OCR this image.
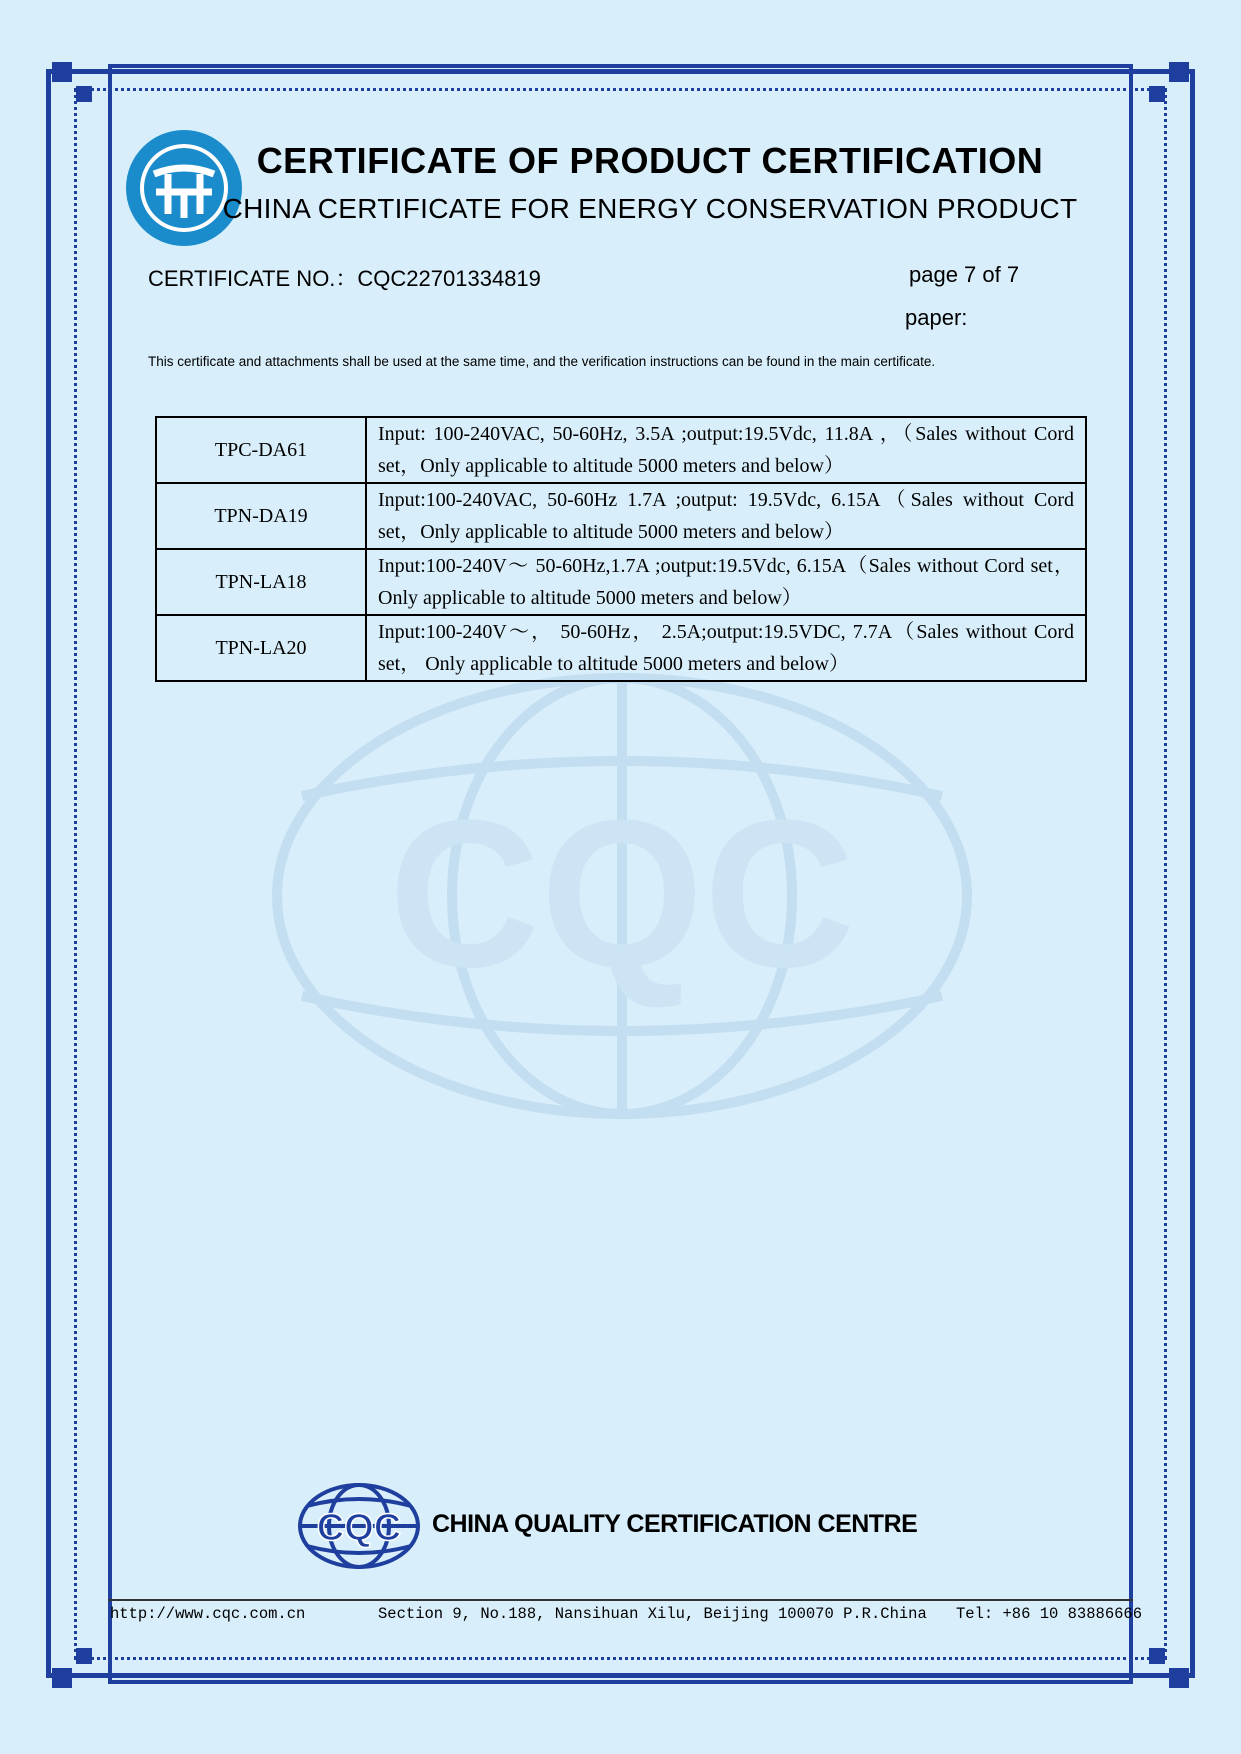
CQC
CERTIFICATE OF PRODUCT CERTIFICATION
CHINA CERTIFICATE FOR ENERGY CONSERVATION PRODUCT
CERTIFICATE NO.：CQC22701334819	page 7 of 7
paper:
This certificate and attachments shall be used at the same time, and the verification instructions can be found in the main certificate.
TPC-DA61	Input: 100-240VAC, 50-60Hz, 3.5A ;output:19.5Vdc, 11.8A ，（Sales without Cord set，Only applicable to altitude 5000 meters and below）
TPN-DA19	Input:100-240VAC, 50-60Hz 1.7A ;output: 19.5Vdc, 6.15A（Sales without Cord set，Only applicable to altitude 5000 meters and below）
TPN-LA18	Input:100-240V～ 50-60Hz,1.7A ;output:19.5Vdc, 6.15A（Sales without Cord set，Only applicable to altitude 5000 meters and below）
TPN-LA20	Input:100-240V～， 50-60Hz， 2.5A;output:19.5VDC, 7.7A（Sales without Cord set， Only applicable to altitude 5000 meters and below）
CQC CHINA QUALITY CERTIFICATION CENTRE
http://www.cqc.com.cn	Section 9, No.188, Nansihuan Xilu, Beijing 100070 P.R.China Tel: +86 10 83886666
